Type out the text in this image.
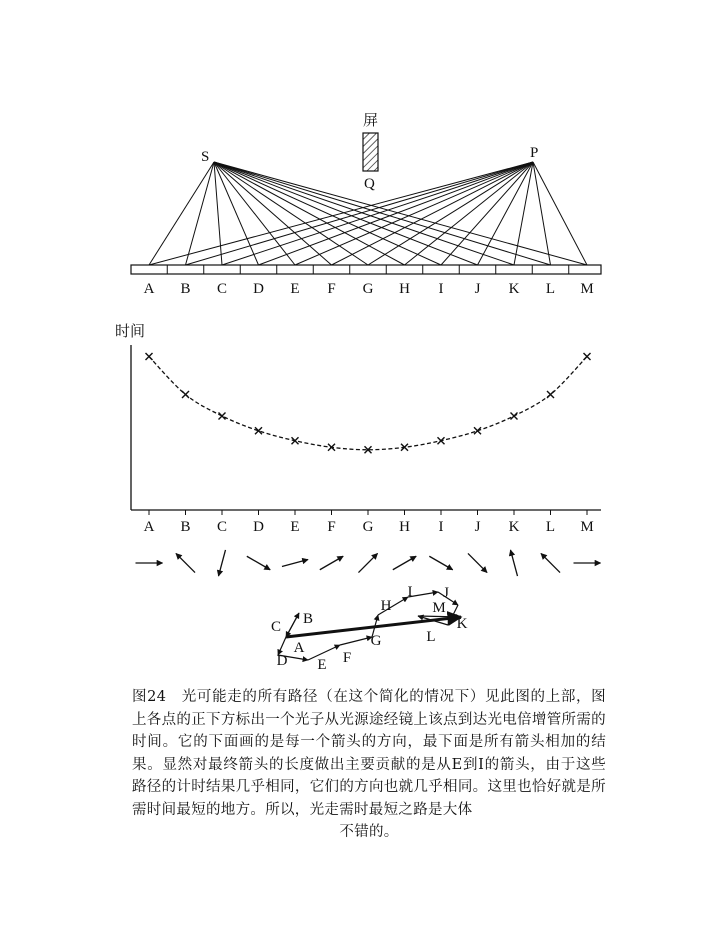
屏
Q
S	P
A B C D E F G H I J K L M
时间
A B C D E F G H I J K L M
A
B
C
D E F
G
H
I J
K
L
M
图24　光可能走的所有路径（在这个简化的情况下）见此图的上部，图上各点的正下方标出一个光子从光源途经镜上该点到达光电倍增管所需的时间。它的下面画的是每一个箭头的方向，最下面是所有箭头相加的结果。显然对最终箭头的长度做出主要贡献的是从E到I的箭头，由于这些路径的计时结果几乎相同，它们的方向也就几乎相同。这里也恰好就是所需时间最短的地方。所以，光走需时最短之路是大体
不错的。
